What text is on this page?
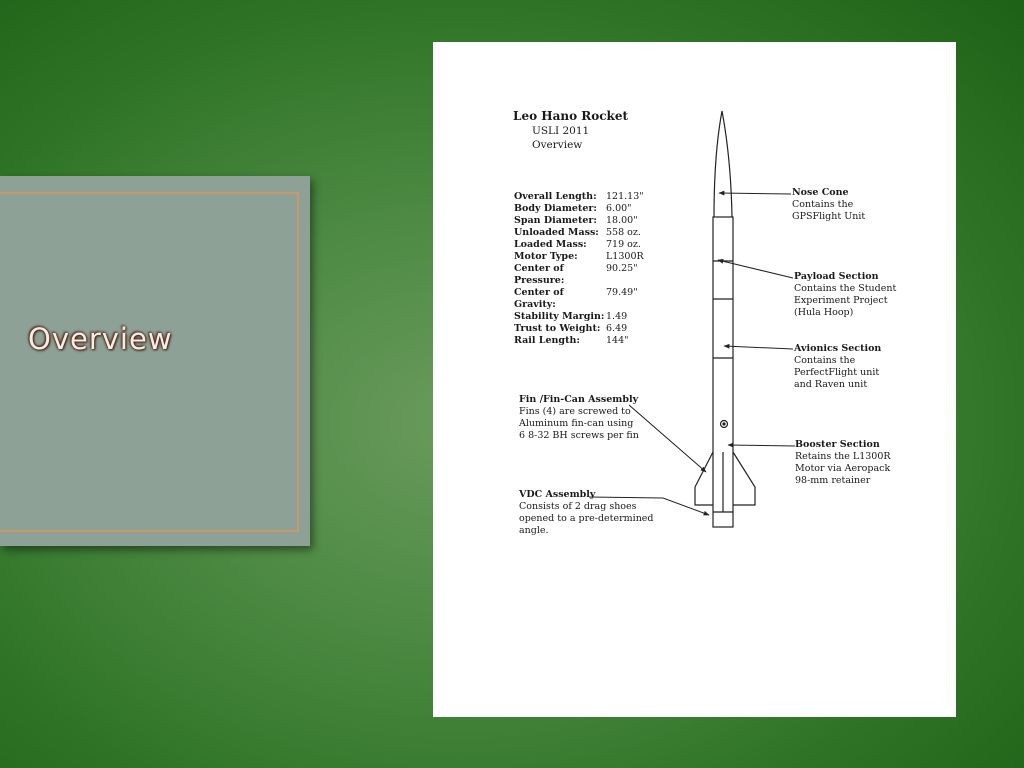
Overview
Leo Hano Rocket
USLI 2011
Overview
Overall Length: 121.13"
Body Diameter: 6.00"
Span Diameter: 18.00"
Unloaded Mass: 558 oz.
Loaded Mass:	719 oz.
Motor Type:	L1300R
Center of Pressure:
90.25"
Center of Gravity:
79.49"
Stability Margin: 1.49
Trust to Weight: 6.49
Rail Length:	144"
Nose Cone
Contains the
GPSFlight Unit
Payload Section
Contains the Student
Experiment Project
(Hula Hoop)
Avionics Section
Contains the
PerfectFlight unit
and Raven unit
Fin /Fin-Can Assembly
Fins (4) are screwed to
Aluminum fin-can using
6 8-32 BH screws per fin
Booster Section
Retains the L1300R
Motor via Aeropack
98-mm retainer
VDC Assembly
Consists of 2 drag shoes
opened to a pre-determined
angle.
